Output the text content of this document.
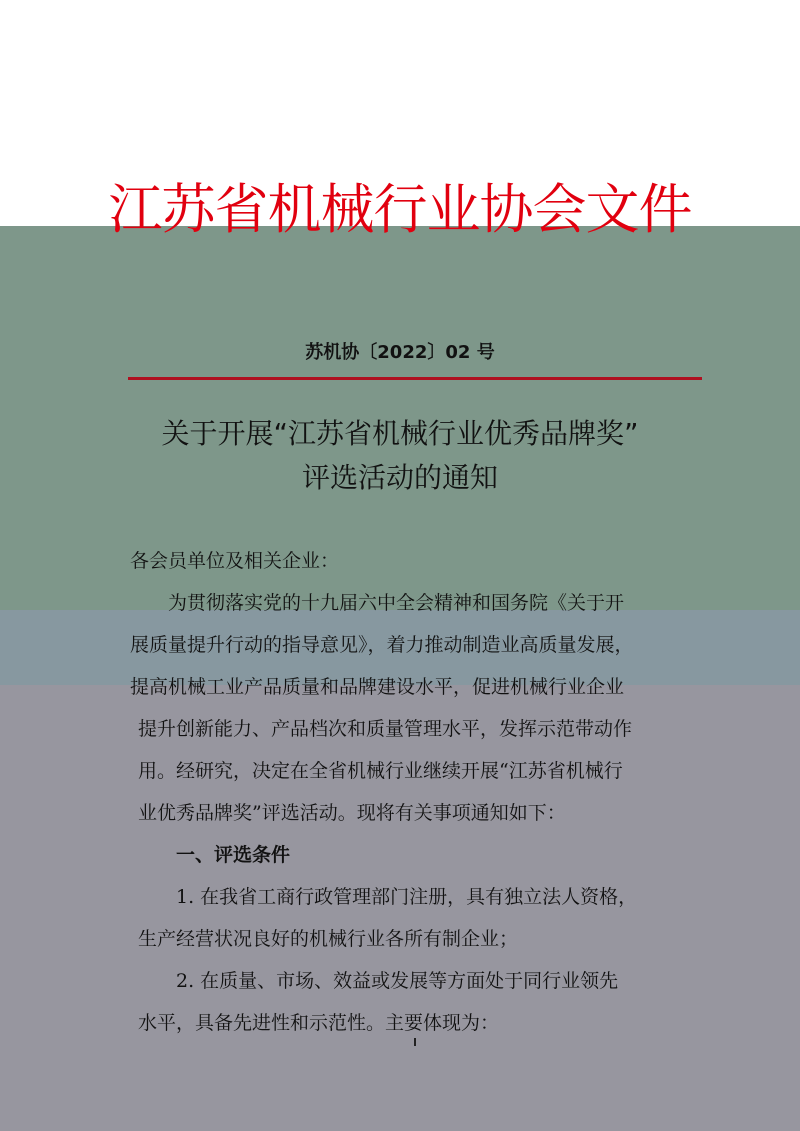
江苏省机械行业协会文件
苏机协〔2022〕02 号
关于开展“江苏省机械行业优秀品牌奖”
评选活动的通知

各会员单位及相关企业：

为贯彻落实党的十九届六中全会精神和国务院《关于开

展质量提升行动的指导意见》，着力推动制造业高质量发展，

提高机械工业产品质量和品牌建设水平，促进机械行业企业

提升创新能力、产品档次和质量管理水平，发挥示范带动作

用。经研究，决定在全省机械行业继续开展“江苏省机械行

业优秀品牌奖”评选活动。现将有关事项通知如下：

一、评选条件

1. 在我省工商行政管理部门注册，具有独立法人资格，

生产经营状况良好的机械行业各所有制企业；

2. 在质量、市场、效益或发展等方面处于同行业领先

水平，具备先进性和示范性。主要体现为：
